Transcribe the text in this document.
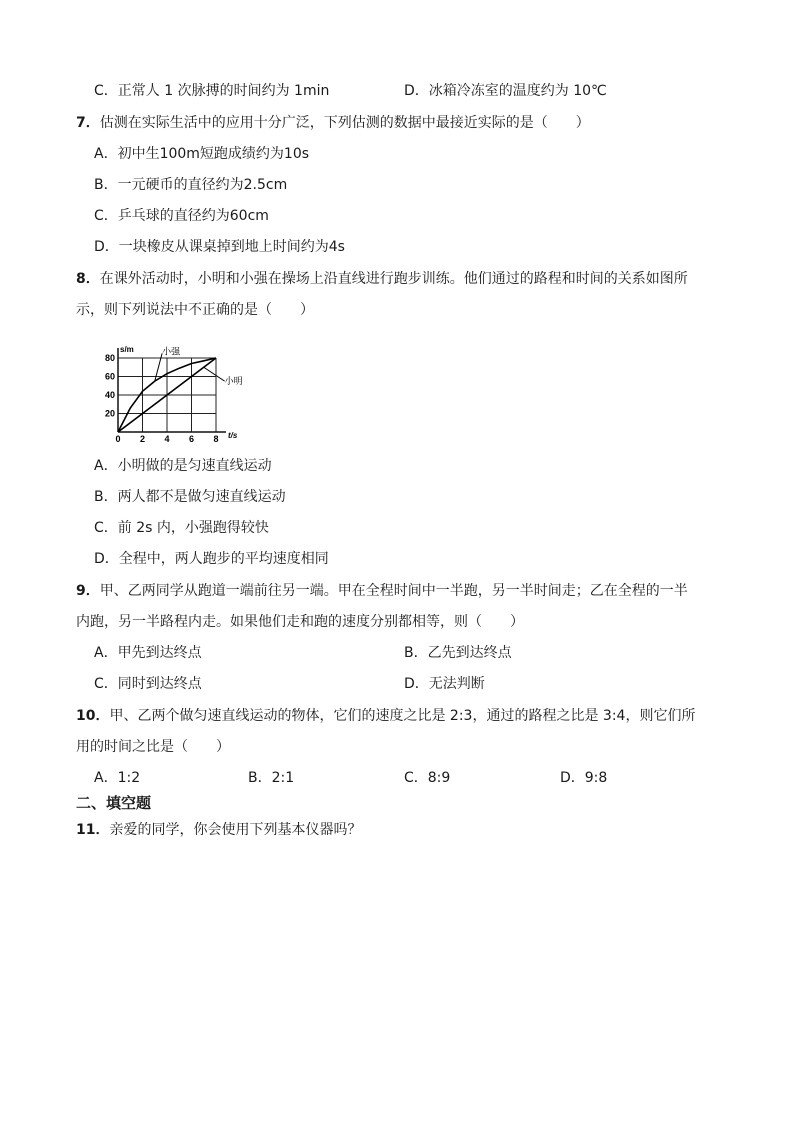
C．正常人 1 次脉搏的时间约为 1min	D．冰箱冷冻室的温度约为 10℃
7．估测在实际生活中的应用十分广泛，下列估测的数据中最接近实际的是（　　）
A．初中生100m短跑成绩约为10s
B．一元硬币的直径约为2.5cm
C．乒乓球的直径约为60cm
D．一块橡皮从课桌掉到地上时间约为4s
8．在课外活动时，小明和小强在操场上沿直线进行跑步训练。他们通过的路程和时间的关系如图所
示，则下列说法中不正确的是（　　）
0 2 4 6 8
20
40
60
80
s/m
t/s
小强
小明
A．小明做的是匀速直线运动
B．两人都不是做匀速直线运动
C．前 2s 内，小强跑得较快
D．全程中，两人跑步的平均速度相同
9．甲、乙两同学从跑道一端前往另一端。甲在全程时间中一半跑，另一半时间走；乙在全程的一半
内跑，另一半路程内走。如果他们走和跑的速度分别都相等，则（　　）
A．甲先到达终点	B．乙先到达终点
C．同时到达终点	D．无法判断
10．甲、乙两个做匀速直线运动的物体，它们的速度之比是 2:3，通过的路程之比是 3:4，则它们所
用的时间之比是（　　）
A．1:2	B．2:1	C．8:9	D．9:8
二、填空题
11．亲爱的同学，你会使用下列基本仪器吗？
